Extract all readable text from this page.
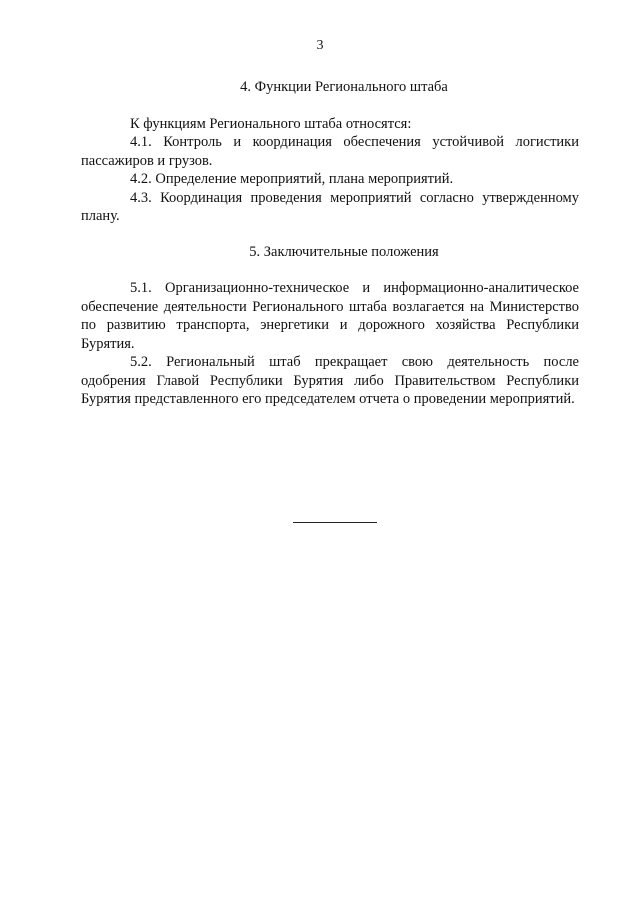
3
4. Функции Регионального штаба

К функциям Регионального штаба относятся:

4.1. Контроль и координация обеспечения устойчивой логистики пассажиров и грузов.

4.2. Определение мероприятий, плана мероприятий.

4.3. Координация проведения мероприятий согласно утвержденному плану.

5. Заключительные положения

5.1. Организационно-техническое и информационно-аналитическое обеспечение деятельности Регионального штаба возлагается на Министерство по развитию транспорта, энергетики и дорожного хозяйства Республики Бурятия.

5.2. Региональный штаб прекращает свою деятельность после одобрения Главой Республики Бурятия либо Правительством Республики Бурятия представленного его председателем отчета о проведении мероприятий.
